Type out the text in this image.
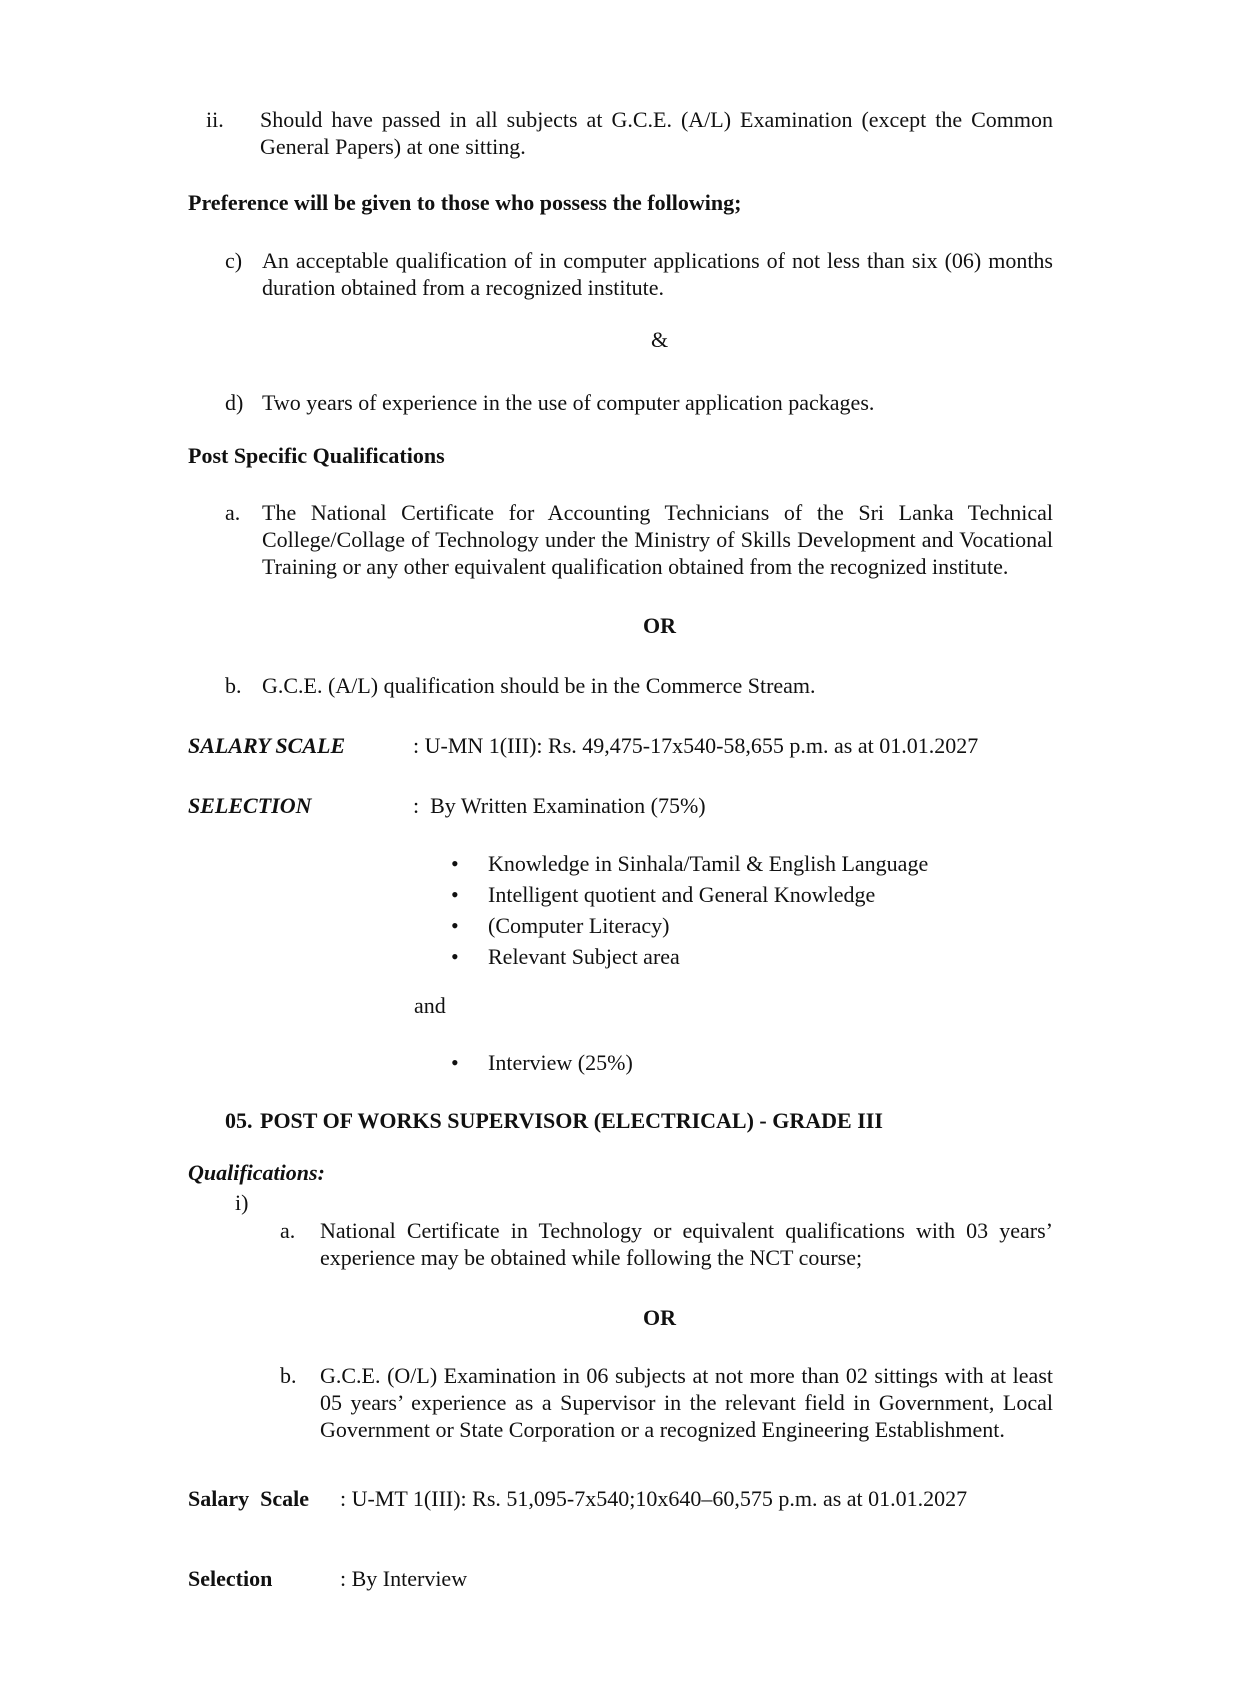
ii.	Should have passed in all subjects at G.C.E. (A/L) Examination (except the Common General Papers) at one sitting.
Preference will be given to those who possess the following;
c) An acceptable qualification of in computer applications of not less than six (06) months duration obtained from a recognized institute.
&
d) Two years of experience in the use of computer application packages.
Post Specific Qualifications
a. The National Certificate for Accounting Technicians of the Sri Lanka Technical College/Collage of Technology under the Ministry of Skills Development and Vocational Training or any other equivalent qualification obtained from the recognized institute.
OR
b. G.C.E. (A/L) qualification should be in the Commerce Stream.
SALARY SCALE	: U-MN 1(III): Rs. 49,475-17x540-58,655 p.m. as at 01.01.2027
SELECTION	:  By Written Examination (75%)
•	Knowledge in Sinhala/Tamil & English Language
•	Intelligent quotient and General Knowledge
•	(Computer Literacy)
•	Relevant Subject area
and
•	Interview (25%)
05. POST OF WORKS SUPERVISOR (ELECTRICAL) - GRADE III
Qualifications:
i)
a.	National Certificate in Technology or equivalent qualifications with 03 years’ experience may be obtained while following the NCT course;
OR
b.	G.C.E. (O/L) Examination in 06 subjects at not more than 02 sittings with at least 05 years’ experience as a Supervisor in the relevant field in Government, Local Government or State Corporation or a recognized Engineering Establishment.
Salary  Scale	: U-MT 1(III): Rs. 51,095-7x540;10x640–60,575 p.m. as at 01.01.2027
Selection	: By Interview
